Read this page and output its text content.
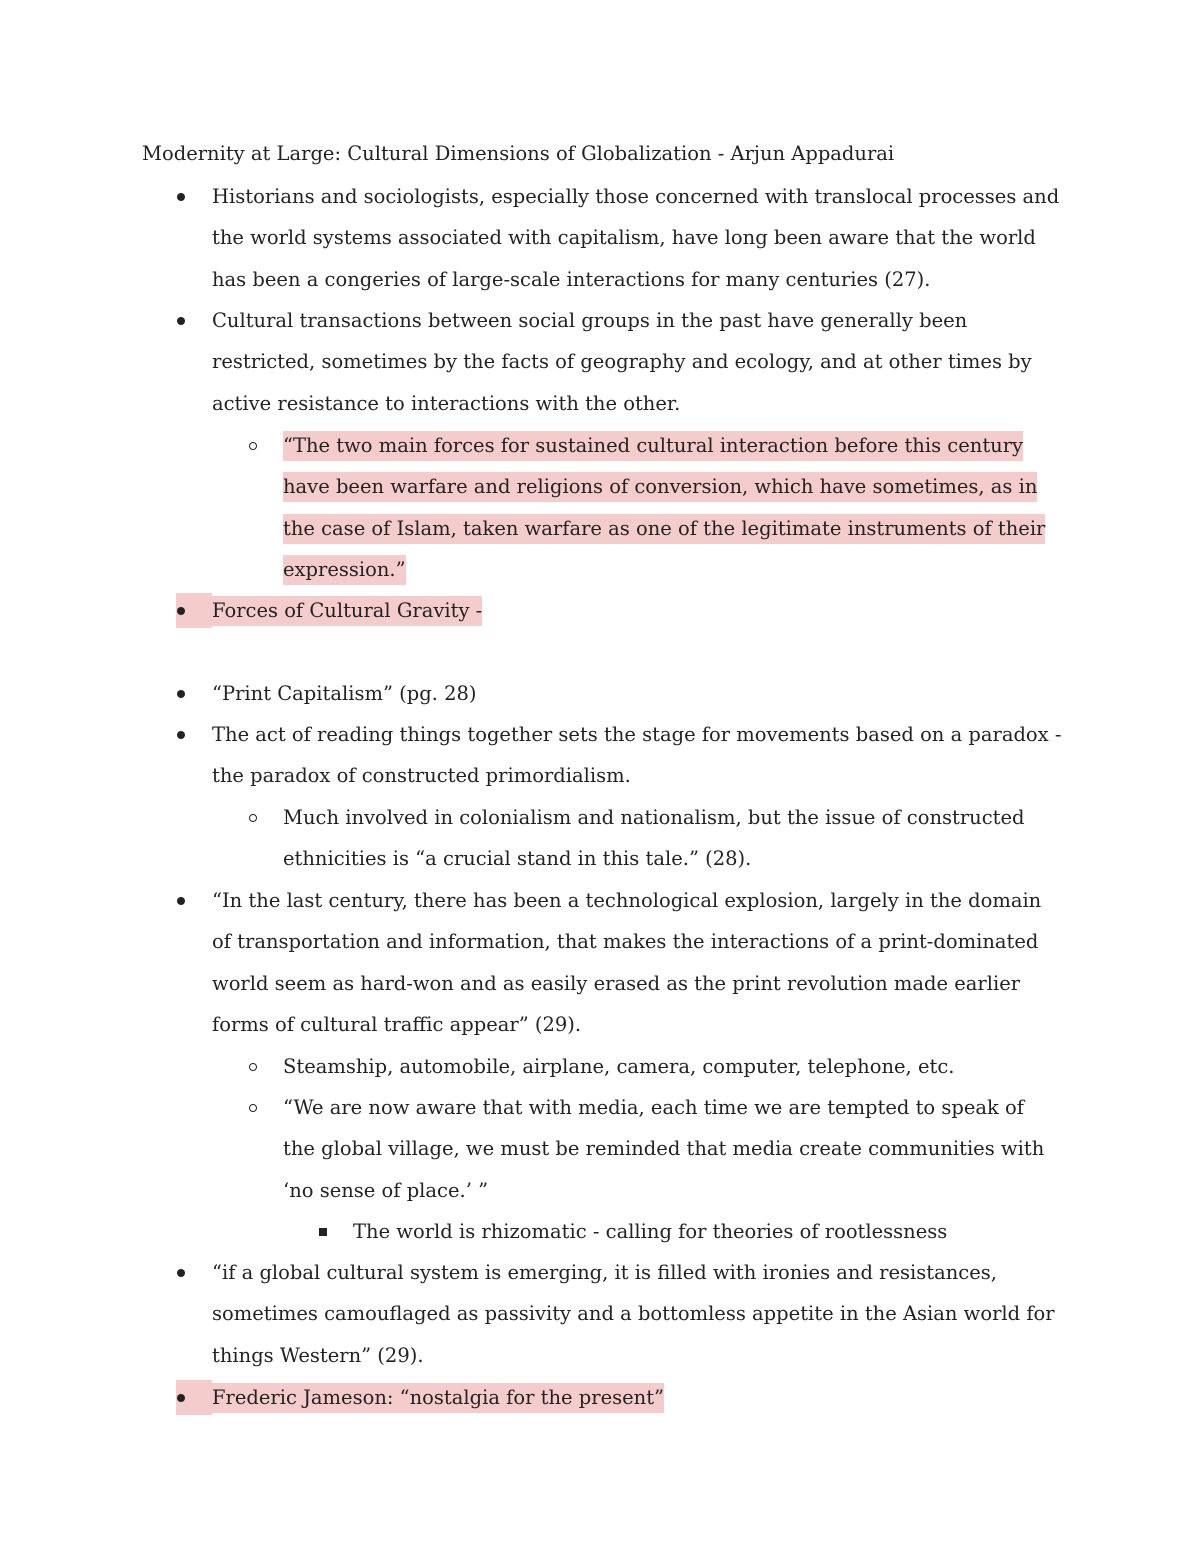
Modernity at Large: Cultural Dimensions of Globalization - Arjun Appadurai
Historians and sociologists, especially those concerned with translocal processes and the world systems associated with capitalism, have long been aware that the world has been a congeries of large-scale interactions for many centuries (27).
Cultural transactions between social groups in the past have generally been restricted, sometimes by the facts of geography and ecology, and at other times by active resistance to interactions with the other.
“The two main forces for sustained cultural interaction before this century have been warfare and religions of conversion, which have sometimes, as in the case of Islam, taken warfare as one of the legitimate instruments of their expression.”
Forces of Cultural Gravity -
“Print Capitalism” (pg. 28)
The act of reading things together sets the stage for movements based on a paradox - the paradox of constructed primordialism.
Much involved in colonialism and nationalism, but the issue of constructed ethnicities is “a crucial stand in this tale.” (28).
“In the last century, there has been a technological explosion, largely in the domain of transportation and information, that makes the interactions of a print-dominated world seem as hard-won and as easily erased as the print revolution made earlier forms of cultural traffic appear” (29).
Steamship, automobile, airplane, camera, computer, telephone, etc.
“We are now aware that with media, each time we are tempted to speak of the global village, we must be reminded that media create communities with ‘no sense of place.’ ”
The world is rhizomatic - calling for theories of rootlessness
“if a global cultural system is emerging, it is filled with ironies and resistances, sometimes camouflaged as passivity and a bottomless appetite in the Asian world for things Western” (29).
Frederic Jameson: “nostalgia for the present”
